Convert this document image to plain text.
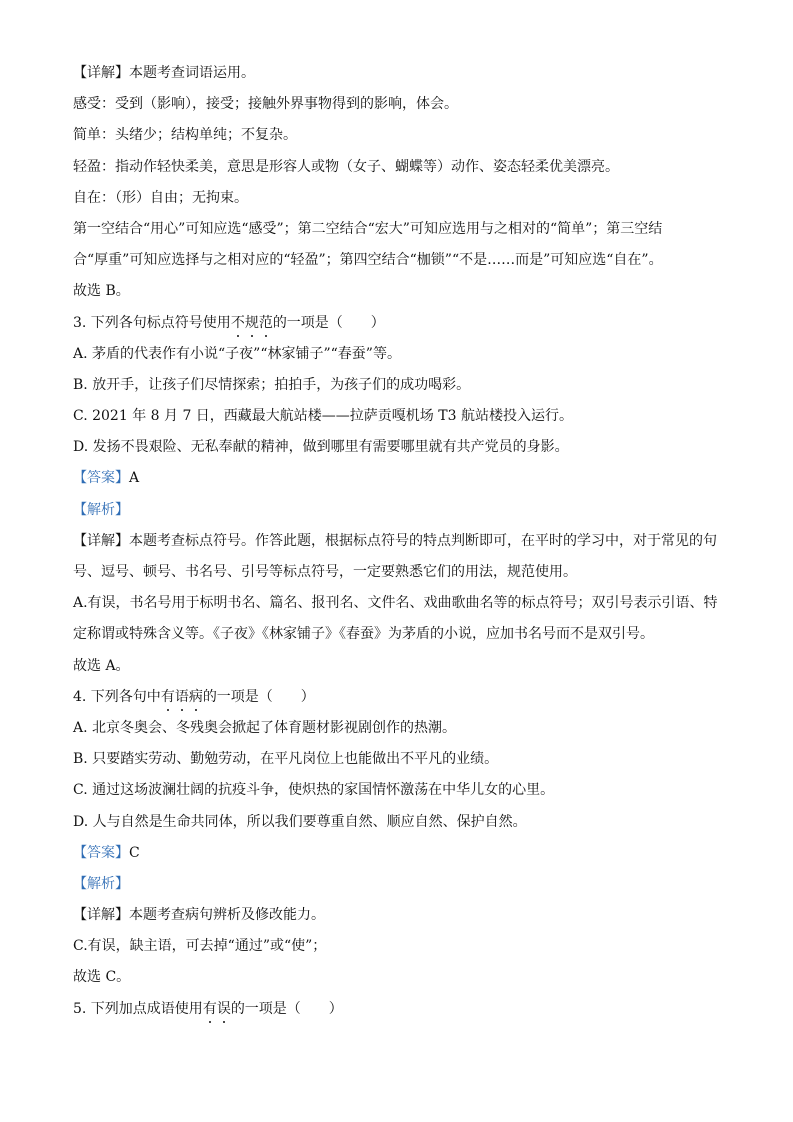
【详解】本题考查词语运用。
感受：受到（影响），接受；接触外界事物得到的影响，体会。
简单：头绪少；结构单纯；不复杂。
轻盈：指动作轻快柔美，意思是形容人或物（女子、蝴蝶等）动作、姿态轻柔优美漂亮。
自在：（形）自由；无拘束。
第一空结合“用心”可知应选“感受”；第二空结合“宏大”可知应选用与之相对的“简单”；第三空结
合“厚重”可知应选择与之相对应的“轻盈”；第四空结合“枷锁”“不是……而是”可知应选“自在”。
故选 B。
3. 下列各句标点符号使用不规范的一项是（　　）
A. 茅盾的代表作有小说“子夜”“林家铺子”“春蚕”等。
B. 放开手，让孩子们尽情探索；拍拍手，为孩子们的成功喝彩。
C. 2021 年 8 月 7 日，西藏最大航站楼——拉萨贡嘎机场 T3 航站楼投入运行。
D. 发扬不畏艰险、无私奉献的精神，做到哪里有需要哪里就有共产党员的身影。
【答案】A
【解析】
【详解】本题考查标点符号。作答此题，根据标点符号的特点判断即可，在平时的学习中，对于常见的句
号、逗号、顿号、书名号、引号等标点符号，一定要熟悉它们的用法，规范使用。
A.有误，书名号用于标明书名、篇名、报刊名、文件名、戏曲歌曲名等的标点符号；双引号表示引语、特
定称谓或特殊含义等。《子夜》《林家铺子》《春蚕》为茅盾的小说，应加书名号而不是双引号。
故选 A。
4. 下列各句中有语病的一项是（　　）
A. 北京冬奥会、冬残奥会掀起了体育题材影视剧创作的热潮。
B. 只要踏实劳动、勤勉劳动，在平凡岗位上也能做出不平凡的业绩。
C. 通过这场波澜壮阔的抗疫斗争，使炽热的家国情怀激荡在中华儿女的心里。
D. 人与自然是生命共同体，所以我们要尊重自然、顺应自然、保护自然。
【答案】C
【解析】
【详解】本题考查病句辨析及修改能力。
C.有误，缺主语，可去掉“通过”或“使”；
故选 C。
5. 下列加点成语使用有误的一项是（　　）
